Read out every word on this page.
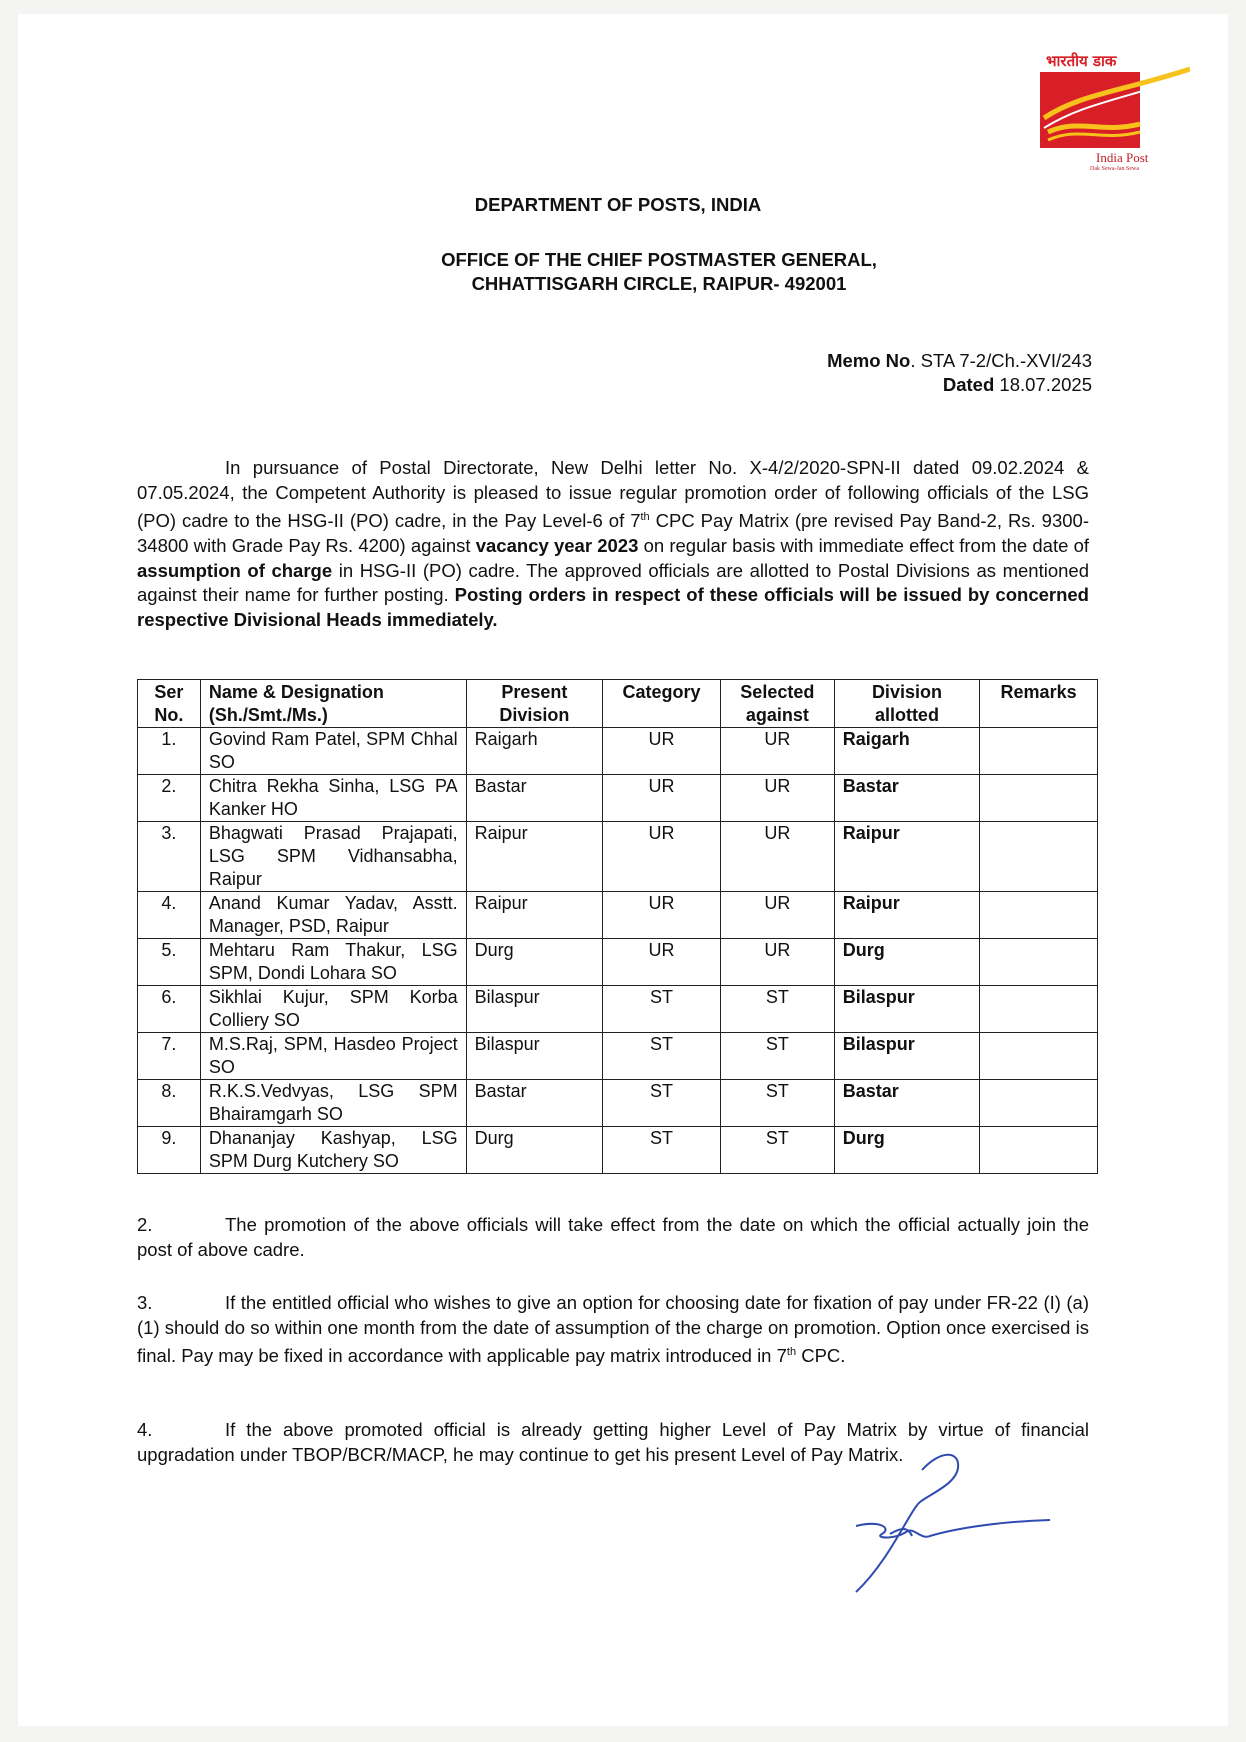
भारतीय डाक
India Post
Dak Sewa-Jan Sewa
DEPARTMENT OF POSTS, INDIA
OFFICE OF THE CHIEF POSTMASTER GENERAL,
CHHATTISGARH CIRCLE, RAIPUR- 492001
Memo No. STA 7-2/Ch.-XVI/243
Dated 18.07.2025
In pursuance of Postal Directorate, New Delhi letter No. X-4/2/2020-SPN-II dated 09.02.2024 & 07.05.2024, the Competent Authority is pleased to issue regular promotion order of following officials of the LSG (PO) cadre to the HSG-II (PO) cadre, in the Pay Level-6 of 7th CPC Pay Matrix (pre revised Pay Band-2, Rs. 9300-34800 with Grade Pay Rs. 4200) against vacancy year 2023 on regular basis with immediate effect from the date of assumption of charge in HSG-II (PO) cadre. The approved officials are allotted to Postal Divisions as mentioned against their name for further posting. Posting orders in respect of these officials will be issued by concerned respective Divisional Heads immediately.
Ser No.	Name & Designation (Sh./Smt./Ms.)	Present Division	Category	Selected against	Division allotted	Remarks
1.	Govind Ram Patel, SPM Chhal SO	Raigarh	UR	UR	Raigarh	
2.	Chitra Rekha Sinha, LSG PA Kanker HO	Bastar	UR	UR	Bastar	
3.	Bhagwati Prasad Prajapati, LSG SPM Vidhansabha, Raipur	Raipur	UR	UR	Raipur	
4.	Anand Kumar Yadav, Asstt. Manager, PSD, Raipur	Raipur	UR	UR	Raipur	
5.	Mehtaru Ram Thakur, LSG SPM, Dondi Lohara SO	Durg	UR	UR	Durg	
6.	Sikhlai Kujur, SPM Korba Colliery SO	Bilaspur	ST	ST	Bilaspur	
7.	M.S.Raj, SPM, Hasdeo Project SO	Bilaspur	ST	ST	Bilaspur	
8.	R.K.S.Vedvyas, LSG SPM Bhairamgarh SO	Bastar	ST	ST	Bastar	
9.	Dhananjay Kashyap, LSG SPM Durg Kutchery SO	Durg	ST	ST	Durg	
2.	The promotion of the above officials will take effect from the date on which the official actually join the post of above cadre.
3.	If the entitled official who wishes to give an option for choosing date for fixation of pay under FR-22 (I) (a)(1) should do so within one month from the date of assumption of the charge on promotion. Option once exercised is final. Pay may be fixed in accordance with applicable pay matrix introduced in 7th CPC.
4.	If the above promoted official is already getting higher Level of Pay Matrix by virtue of financial upgradation under TBOP/BCR/MACP, he may continue to get his present Level of Pay Matrix.
